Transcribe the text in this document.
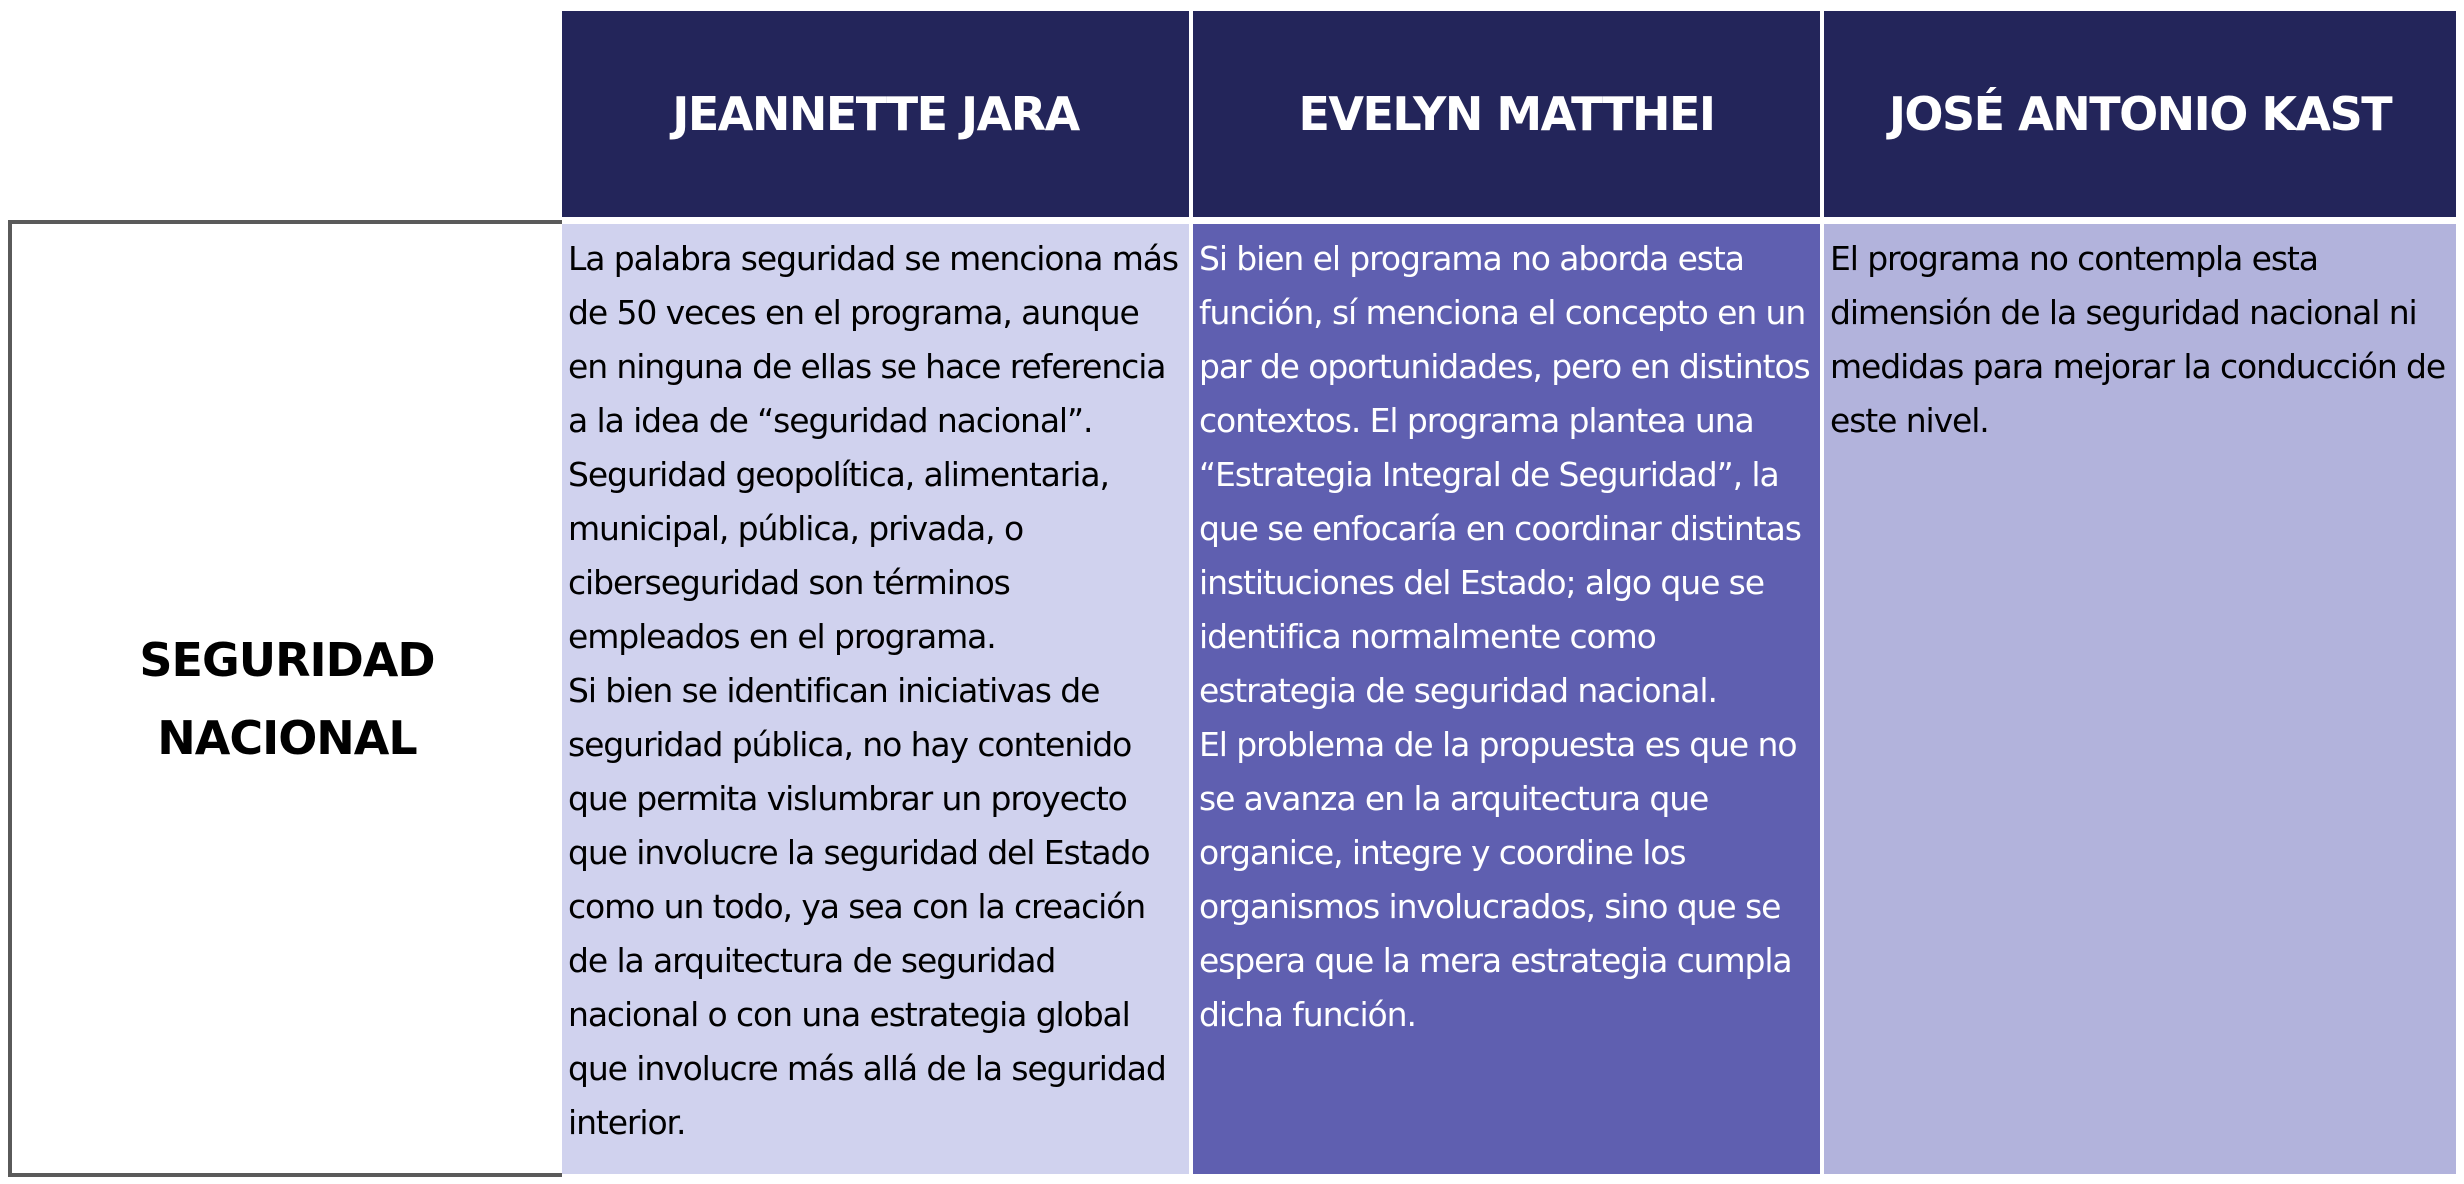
JEANNETTE JARA	EVELYN MATTHEI	JOSÉ ANTONIO KAST
SEGURIDAD
NACIONAL

La palabra seguridad se menciona más de 50 veces en el programa, aunque en ninguna de ellas se hace referencia a la idea de “seguridad nacional”. Seguridad geopolítica, alimentaria, municipal, pública, privada, o ciberseguridad son términos empleados en el programa.

Si bien se identifican iniciativas de seguridad pública, no hay contenido que permita vislumbrar un proyecto que involucre la seguridad del Estado como un todo, ya sea con la creación de la arquitectura de seguridad nacional o con una estrategia global que involucre más allá de la seguridad interior.

Si bien el programa no aborda esta función, sí menciona el concepto en un par de oportunidades, pero en distintos contextos. El programa plantea una “Estrategia Integral de Seguridad”, la que se enfocaría en coordinar distintas instituciones del Estado; algo que se identifica normalmente como estrategia de seguridad nacional.

El problema de la propuesta es que no se avanza en la arquitectura que organice, integre y coordine los organismos involucrados, sino que se espera que la mera estrategia cumpla dicha función.

El programa no contempla esta dimensión de la seguridad nacional ni medidas para mejorar la conducción de este nivel.
